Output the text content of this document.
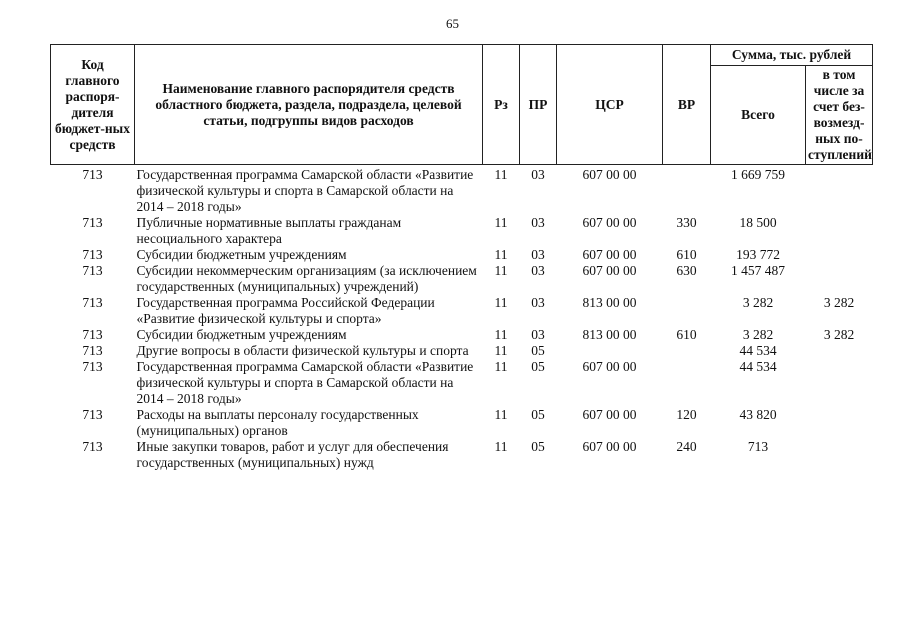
65
Код главного распоря-дителя бюджет-ных средств	Наименование главного распорядителя средств областного бюджета, раздела, подраздела, целевой статьи, подгруппы видов расходов	Рз	ПР	ЦСР	ВР	Сумма, тыс. рублей	
						Всего	в том числе за счет без-возмезд-ных по-ступлений
713	Государственная программа Самарской области «Развитие физической культуры и спорта в Самарской области на 2014 – 2018 годы»	11	03	607 00 00		1 669 759	
713	Публичные нормативные выплаты гражданам несоциального характера	11	03	607 00 00	330	18 500	
713	Субсидии бюджетным учреждениям	11	03	607 00 00	610	193 772	
713	Субсидии некоммерческим организациям (за исключением государственных (муниципальных) учреждений)	11	03	607 00 00	630	1 457 487	
713	Государственная программа Российской Федерации «Развитие физической культуры и спорта»	11	03	813 00 00		3 282	3 282
713	Субсидии бюджетным учреждениям	11	03	813 00 00	610	3 282	3 282
713	Другие вопросы в области физической культуры и спорта	11	05			44 534	
713	Государственная программа Самарской области «Развитие физической культуры и спорта в Самарской области на 2014 – 2018 годы»	11	05	607 00 00		44 534	
713	Расходы на выплаты персоналу государственных (муниципальных) органов	11	05	607 00 00	120	43 820	
713	Иные закупки товаров, работ и услуг для обеспечения государственных (муниципальных) нужд	11	05	607 00 00	240	713	
